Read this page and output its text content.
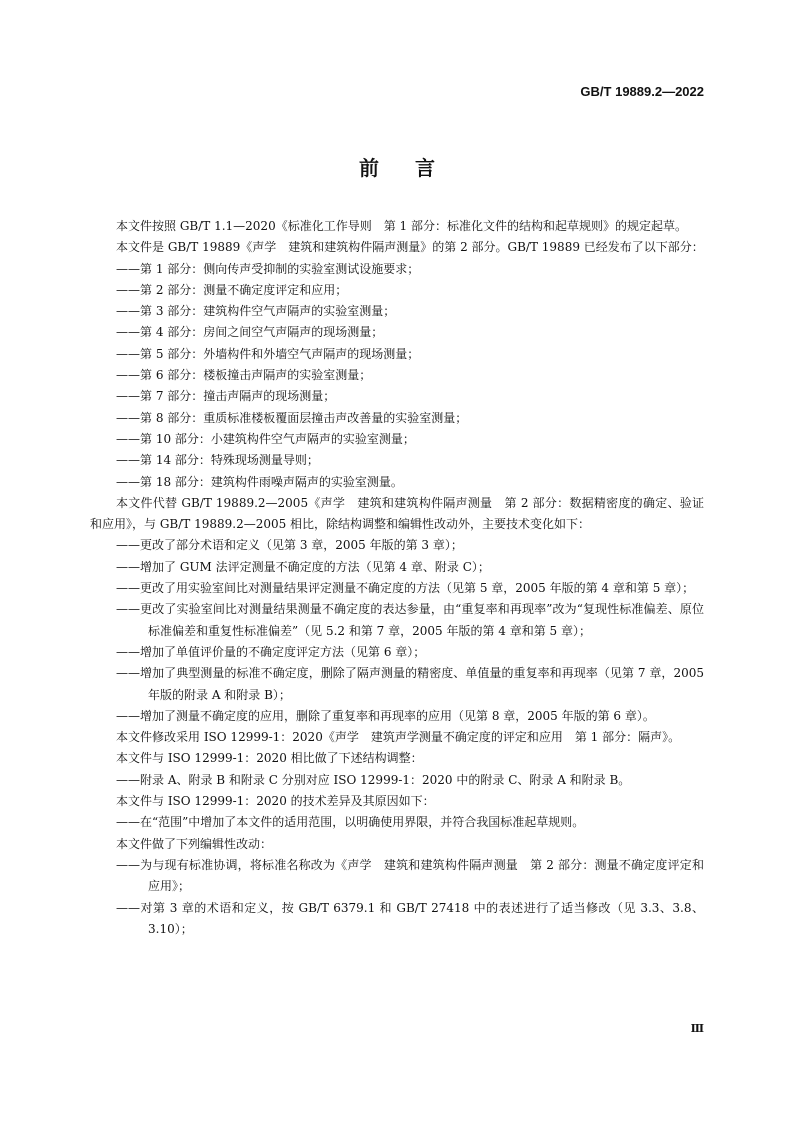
GB/T 19889.2—2022
前言

本文件按照 GB/T 1.1—2020《标准化工作导则　第 1 部分：标准化文件的结构和起草规则》的规定起草。

本文件是 GB/T 19889《声学　建筑和建筑构件隔声测量》的第 2 部分。GB/T 19889 已经发布了以下部分：

——第 1 部分：侧向传声受抑制的实验室测试设施要求；

——第 2 部分：测量不确定度评定和应用；

——第 3 部分：建筑构件空气声隔声的实验室测量；

——第 4 部分：房间之间空气声隔声的现场测量；

——第 5 部分：外墙构件和外墙空气声隔声的现场测量；

——第 6 部分：楼板撞击声隔声的实验室测量；

——第 7 部分：撞击声隔声的现场测量；

——第 8 部分：重质标准楼板覆面层撞击声改善量的实验室测量；

——第 10 部分：小建筑构件空气声隔声的实验室测量；

——第 14 部分：特殊现场测量导则；

——第 18 部分：建筑构件雨噪声隔声的实验室测量。

本文件代替 GB/T 19889.2—2005《声学　建筑和建筑构件隔声测量　第 2 部分：数据精密度的确定、验证和应用》，与 GB/T 19889.2—2005 相比，除结构调整和编辑性改动外，主要技术变化如下：

——更改了部分术语和定义（见第 3 章，2005 年版的第 3 章）；

——增加了 GUM 法评定测量不确定度的方法（见第 4 章、附录 C）；

——更改了用实验室间比对测量结果评定测量不确定度的方法（见第 5 章，2005 年版的第 4 章和第 5 章）；

——更改了实验室间比对测量结果测量不确定度的表达参量，由“重复率和再现率”改为“复现性标准偏差、原位标准偏差和重复性标准偏差”（见 5.2 和第 7 章，2005 年版的第 4 章和第 5 章）；

——增加了单值评价量的不确定度评定方法（见第 6 章）；

——增加了典型测量的标准不确定度，删除了隔声测量的精密度、单值量的重复率和再现率（见第 7 章，2005 年版的附录 A 和附录 B）；

——增加了测量不确定度的应用，删除了重复率和再现率的应用（见第 8 章，2005 年版的第 6 章）。

本文件修改采用 ISO 12999-1：2020《声学　建筑声学测量不确定度的评定和应用　第 1 部分：隔声》。

本文件与 ISO 12999-1：2020 相比做了下述结构调整：

——附录 A、附录 B 和附录 C 分别对应 ISO 12999-1：2020 中的附录 C、附录 A 和附录 B。

本文件与 ISO 12999-1：2020 的技术差异及其原因如下：

——在“范围”中增加了本文件的适用范围，以明确使用界限，并符合我国标准起草规则。

本文件做了下列编辑性改动：

——为与现有标准协调，将标准名称改为《声学　建筑和建筑构件隔声测量　第 2 部分：测量不确定度评定和应用》；

——对第 3 章的术语和定义，按 GB/T 6379.1 和 GB/T 27418 中的表述进行了适当修改（见 3.3、3.8、3.10）；

Ⅲ
